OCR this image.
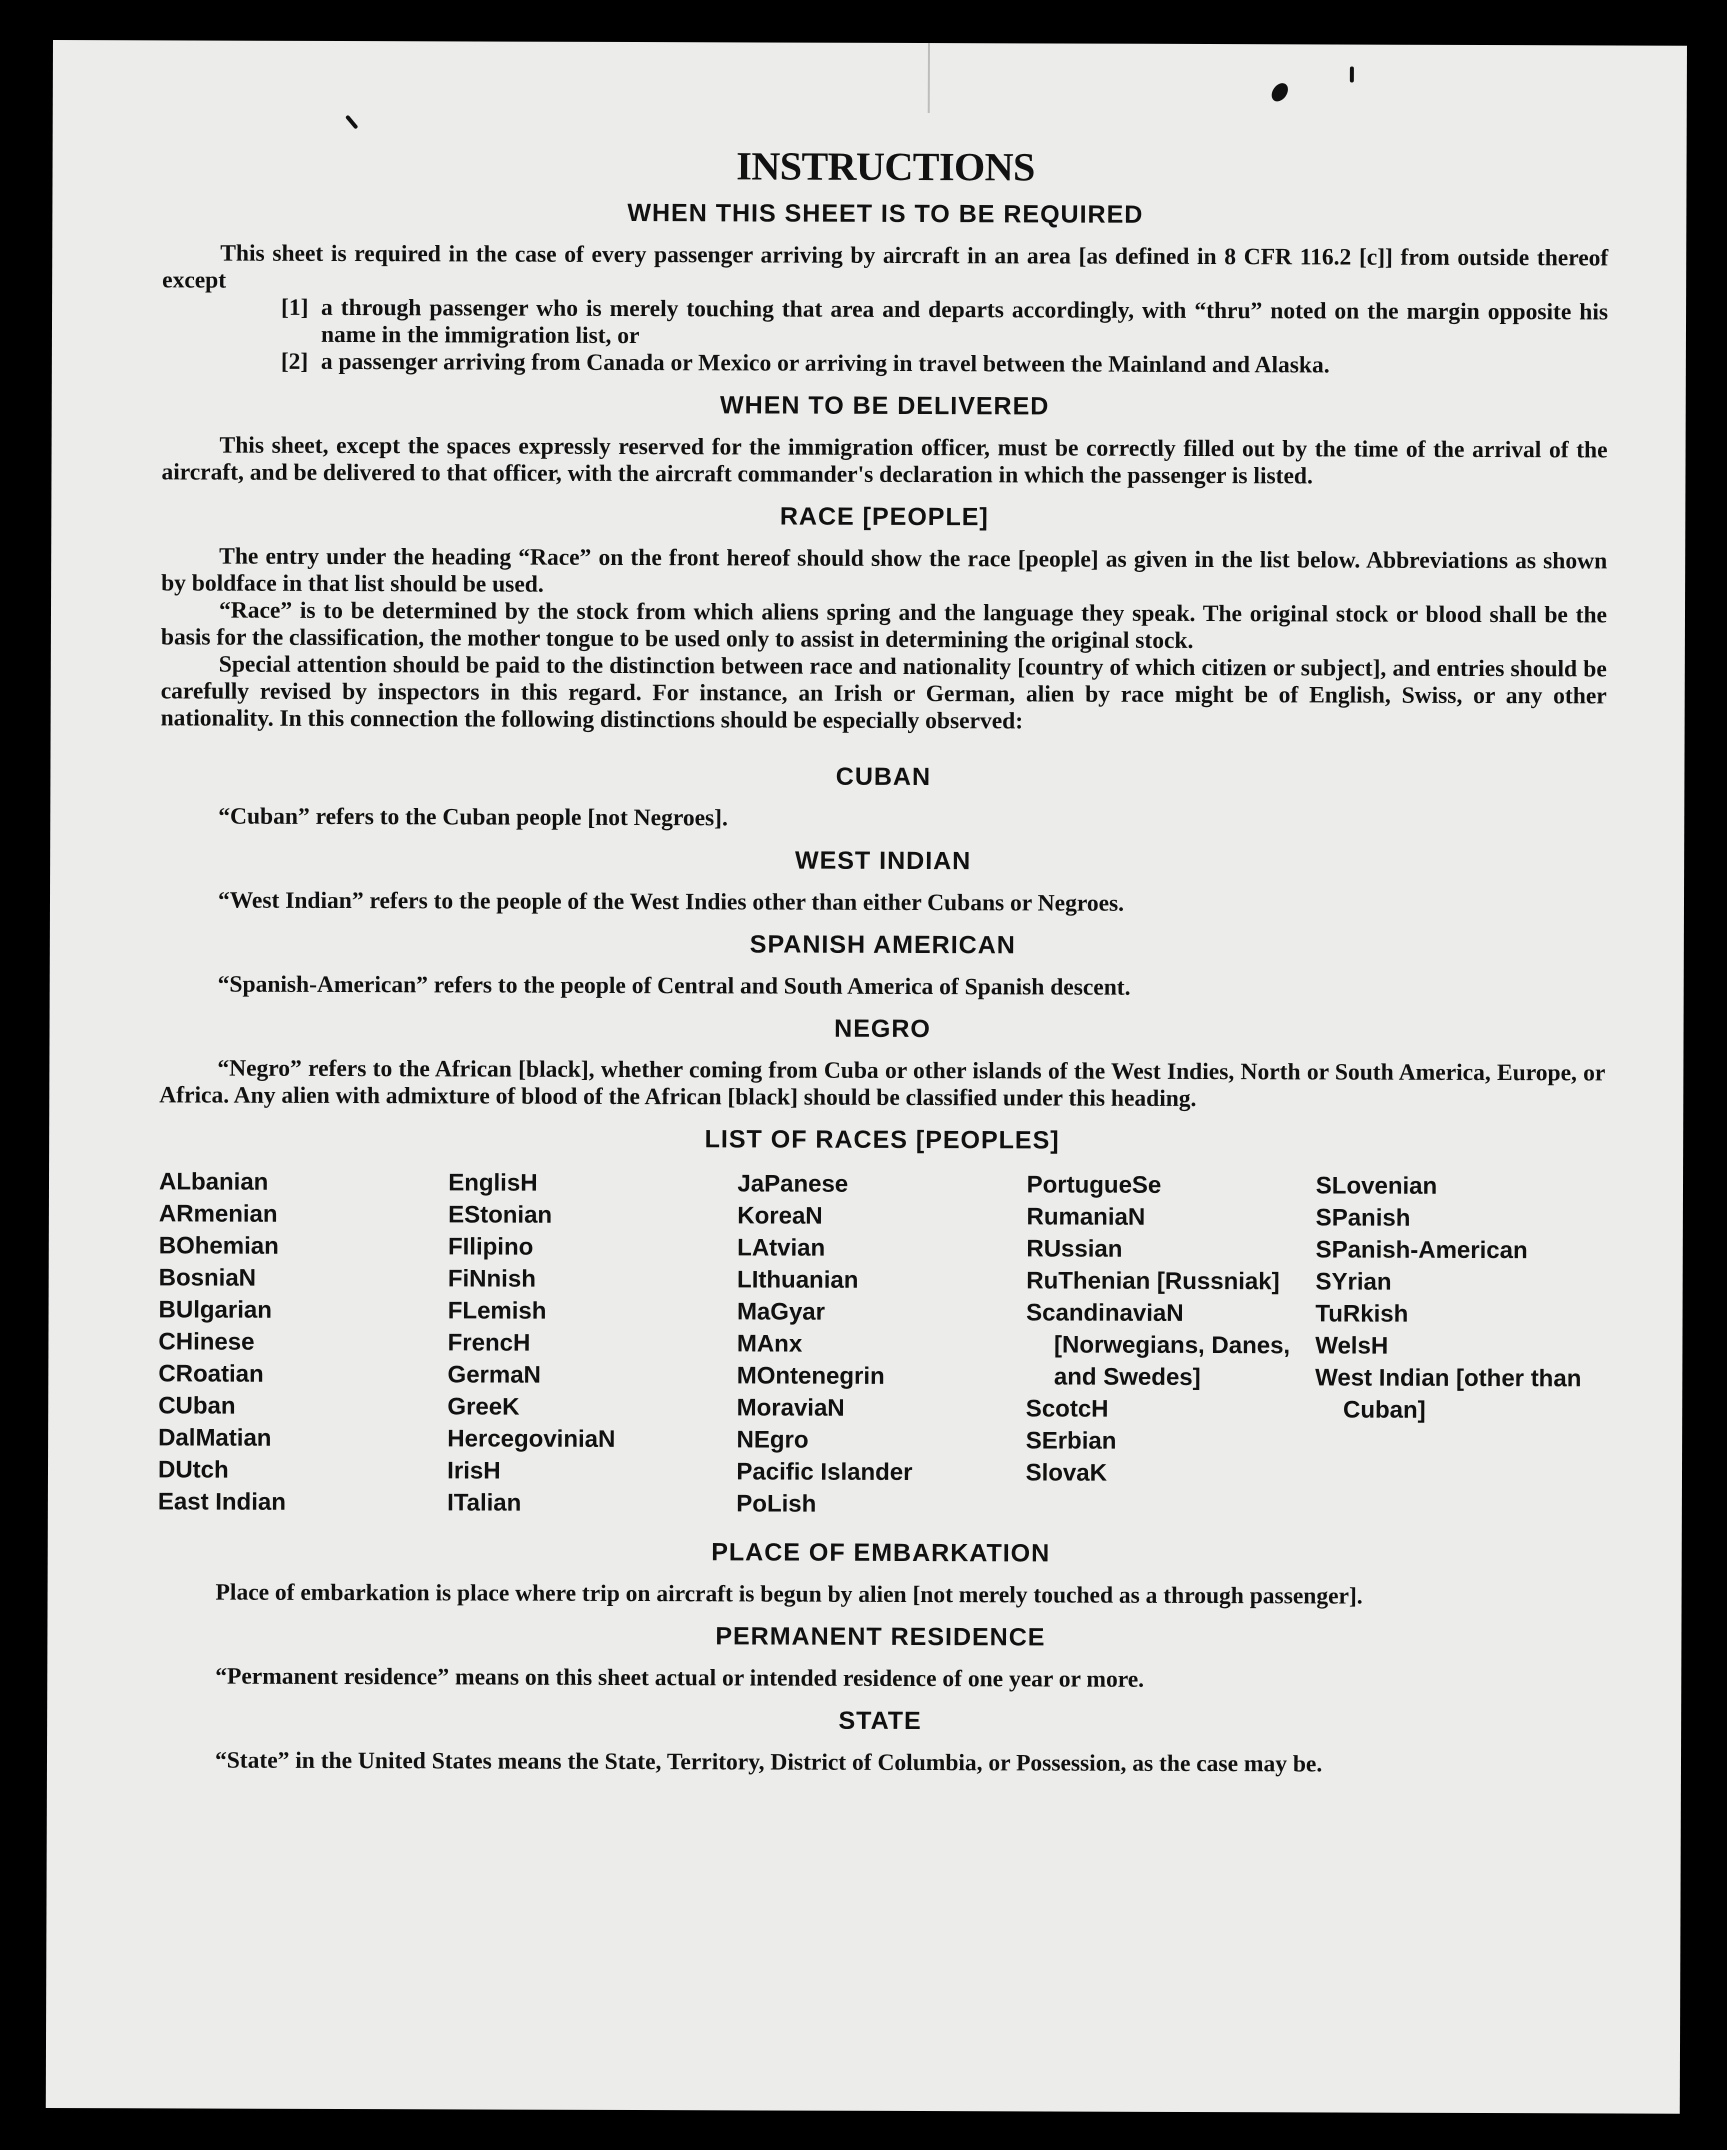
INSTRUCTIONS
WHEN THIS SHEET IS TO BE REQUIRED

This sheet is required in the case of every passenger arriving by aircraft in an area [as defined in 8 CFR 116.2 [c]] from outside thereof except

[1] a through passenger who is merely touching that area and departs accordingly, with “thru” noted on the margin opposite his name in the immigration list, or
[2] a passenger arriving from Canada or Mexico or arriving in travel between the Mainland and Alaska.
WHEN TO BE DELIVERED

This sheet, except the spaces expressly reserved for the immigration officer, must be correctly filled out by the time of the arrival of the aircraft, and be delivered to that officer, with the aircraft commander's declaration in which the passenger is listed.

RACE [PEOPLE]

The entry under the heading “Race” on the front hereof should show the race [people] as given in the list below. Abbreviations as shown by boldface in that list should be used.

“Race” is to be determined by the stock from which aliens spring and the language they speak. The original stock or blood shall be the basis for the classification, the mother tongue to be used only to assist in determining the original stock.

Special attention should be paid to the distinction between race and nationality [country of which citizen or subject], and entries should be carefully revised by inspectors in this regard. For instance, an Irish or German, alien by race might be of English, Swiss, or any other nationality. In this connection the following distinctions should be especially observed:

CUBAN

“Cuban” refers to the Cuban people [not Negroes].

WEST INDIAN

“West Indian” refers to the people of the West Indies other than either Cubans or Negroes.

SPANISH AMERICAN

“Spanish-American” refers to the people of Central and South America of Spanish descent.

NEGRO

“Negro” refers to the African [black], whether coming from Cuba or other islands of the West Indies, North or South America, Europe, or Africa. Any alien with admixture of blood of the African [black] should be classified under this heading.

LIST OF RACES [PEOPLES]
ALbanian
ARmenian
BOhemian
BosniaN
BUlgarian
CHinese
CRoatian
CUban
DalMatian
DUtch
East Indian
EnglisH
EStonian
FIlipino
FiNnish
FLemish
FrencH
GermaN
GreeK
HercegoviniaN
IrisH
ITalian
JaPanese
KoreaN
LAtvian
LIthuanian
MaGyar
MAnx
MOntenegrin
MoraviaN
NEgro
Pacific Islander
PoLish
PortugueSe
RumaniaN
RUssian
RuThenian [Russniak]
ScandinaviaN [Norwegians, Danes, and Swedes]
ScotcH
SErbian
SlovaK
SLovenian
SPanish
SPanish-American
SYrian
TuRkish
WelsH
West Indian [other than Cuban]
PLACE OF EMBARKATION

Place of embarkation is place where trip on aircraft is begun by alien [not merely touched as a through passenger].

PERMANENT RESIDENCE

“Permanent residence” means on this sheet actual or intended residence of one year or more.

STATE

“State” in the United States means the State, Territory, District of Columbia, or Possession, as the case may be.
